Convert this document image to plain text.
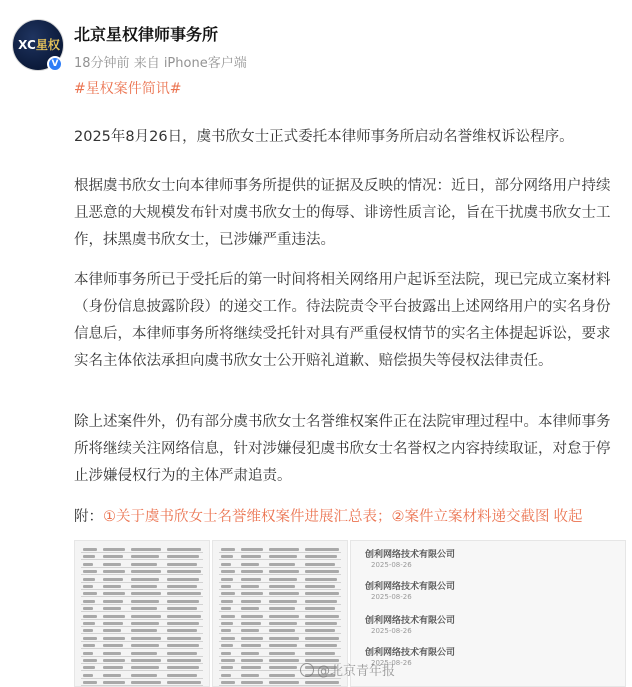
XC星权
V
北京星权律师事务所
18分钟前 来自 iPhone客户端
#星权案件简讯#
2025年8月26日，虞书欣女士正式委托本律师事务所启动名誉维权诉讼程序。
根据虞书欣女士向本律师事务所提供的证据及反映的情况：近日，部分网络用户持续且恶意的大规模发布针对虞书欣女士的侮辱、诽谤性质言论，旨在干扰虞书欣女士工作，抹黑虞书欣女士，已涉嫌严重违法。
本律师事务所已于受托后的第一时间将相关网络用户起诉至法院，现已完成立案材料（身份信息披露阶段）的递交工作。待法院责令平台披露出上述网络用户的实名身份信息后，本律师事务所将继续受托针对具有严重侵权情节的实名主体提起诉讼，要求实名主体依法承担向虞书欣女士公开赔礼道歉、赔偿损失等侵权法律责任。
除上述案件外，仍有部分虞书欣女士名誉维权案件正在法院审理过程中。本律师事务所将继续关注网络信息，针对涉嫌侵犯虞书欣女士名誉权之内容持续取证，对怠于停止涉嫌侵权行为的主体严肃追责。
附：①关于虞书欣女士名誉维权案件进展汇总表；②案件立案材料递交截图 收起
创利网络技术有限公司
2025-08-26
创利网络技术有限公司
2025-08-26
创利网络技术有限公司
2025-08-26
创利网络技术有限公司
2025-08-26
@北京青年报
